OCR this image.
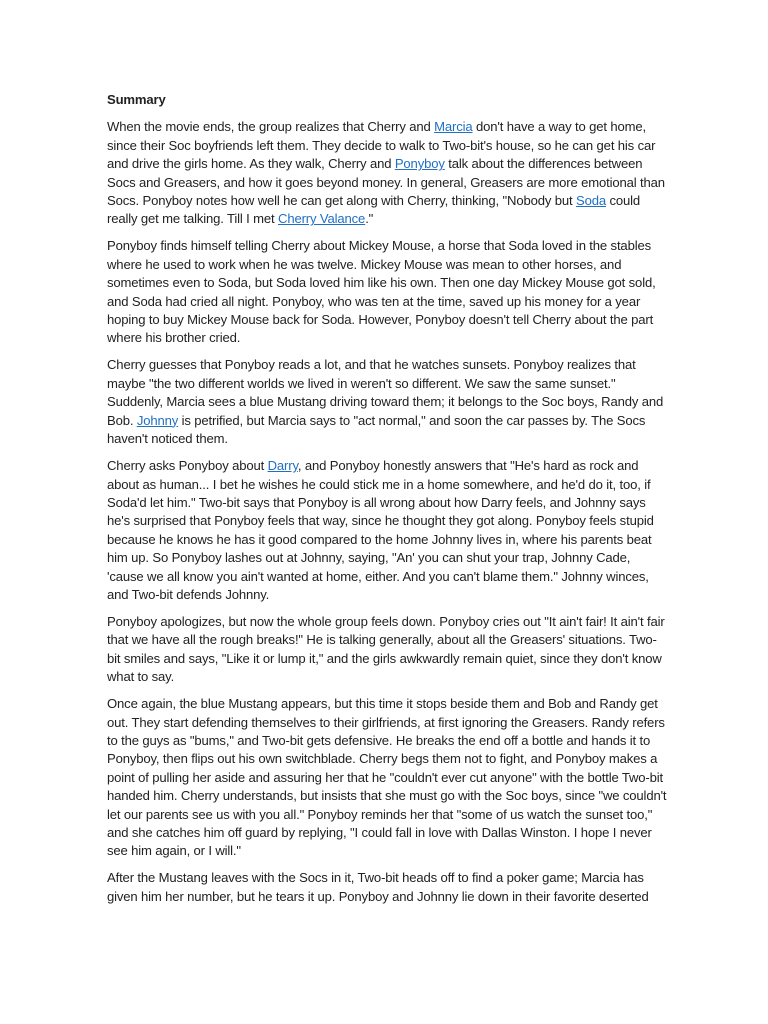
Summary

When the movie ends, the group realizes that Cherry and Marcia don't have a way to get home, since their Soc boyfriends left them. They decide to walk to Two-bit's house, so he can get his car and drive the girls home. As they walk, Cherry and Ponyboy talk about the differences between Socs and Greasers, and how it goes beyond money. In general, Greasers are more emotional than Socs. Ponyboy notes how well he can get along with Cherry, thinking, "Nobody but Soda could really get me talking. Till I met Cherry Valance."

Ponyboy finds himself telling Cherry about Mickey Mouse, a horse that Soda loved in the stables where he used to work when he was twelve. Mickey Mouse was mean to other horses, and sometimes even to Soda, but Soda loved him like his own. Then one day Mickey Mouse got sold, and Soda had cried all night. Ponyboy, who was ten at the time, saved up his money for a year hoping to buy Mickey Mouse back for Soda. However, Ponyboy doesn't tell Cherry about the part where his brother cried.

Cherry guesses that Ponyboy reads a lot, and that he watches sunsets. Ponyboy realizes that maybe "the two different worlds we lived in weren't so different. We saw the same sunset." Suddenly, Marcia sees a blue Mustang driving toward them; it belongs to the Soc boys, Randy and Bob. Johnny is petrified, but Marcia says to "act normal," and soon the car passes by. The Socs haven't noticed them.

Cherry asks Ponyboy about Darry, and Ponyboy honestly answers that "He's hard as rock and about as human... I bet he wishes he could stick me in a home somewhere, and he'd do it, too, if Soda'd let him." Two-bit says that Ponyboy is all wrong about how Darry feels, and Johnny says he's surprised that Ponyboy feels that way, since he thought they got along. Ponyboy feels stupid because he knows he has it good compared to the home Johnny lives in, where his parents beat him up. So Ponyboy lashes out at Johnny, saying, "An' you can shut your trap, Johnny Cade, 'cause we all know you ain't wanted at home, either. And you can't blame them." Johnny winces, and Two-bit defends Johnny.

Ponyboy apologizes, but now the whole group feels down. Ponyboy cries out "It ain't fair! It ain't fair that we have all the rough breaks!" He is talking generally, about all the Greasers' situations. Two-bit smiles and says, "Like it or lump it," and the girls awkwardly remain quiet, since they don't know what to say.

Once again, the blue Mustang appears, but this time it stops beside them and Bob and Randy get out. They start defending themselves to their girlfriends, at first ignoring the Greasers. Randy refers to the guys as "bums," and Two-bit gets defensive. He breaks the end off a bottle and hands it to Ponyboy, then flips out his own switchblade. Cherry begs them not to fight, and Ponyboy makes a point of pulling her aside and assuring her that he "couldn't ever cut anyone" with the bottle Two-bit handed him. Cherry understands, but insists that she must go with the Soc boys, since "we couldn't let our parents see us with you all." Ponyboy reminds her that "some of us watch the sunset too," and she catches him off guard by replying, "I could fall in love with Dallas Winston. I hope I never see him again, or I will."

After the Mustang leaves with the Socs in it, Two-bit heads off to find a poker game; Marcia has given him her number, but he tears it up. Ponyboy and Johnny lie down in their favorite deserted
